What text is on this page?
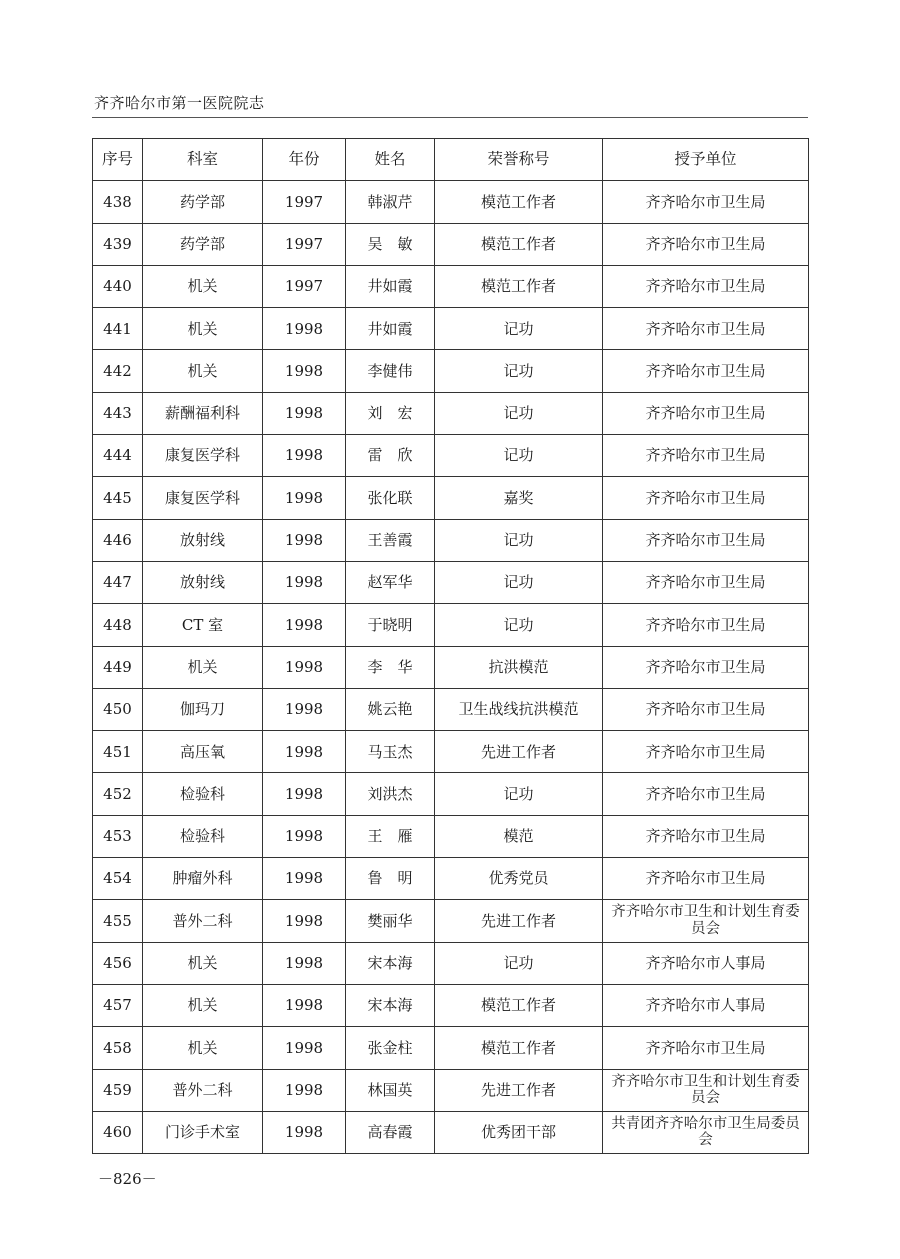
齐齐哈尔市第一医院院志
序号	科室	年份	姓名	荣誉称号	授予单位
438	药学部	1997	韩淑芹	模范工作者	齐齐哈尔市卫生局
439	药学部	1997	吴　敏	模范工作者	齐齐哈尔市卫生局
440	机关	1997	井如霞	模范工作者	齐齐哈尔市卫生局
441	机关	1998	井如霞	记功	齐齐哈尔市卫生局
442	机关	1998	李健伟	记功	齐齐哈尔市卫生局
443	薪酬福利科	1998	刘　宏	记功	齐齐哈尔市卫生局
444	康复医学科	1998	雷　欣	记功	齐齐哈尔市卫生局
445	康复医学科	1998	张化联	嘉奖	齐齐哈尔市卫生局
446	放射线	1998	王善霞	记功	齐齐哈尔市卫生局
447	放射线	1998	赵军华	记功	齐齐哈尔市卫生局
448	CT 室	1998	于晓明	记功	齐齐哈尔市卫生局
449	机关	1998	李　华	抗洪模范	齐齐哈尔市卫生局
450	伽玛刀	1998	姚云艳	卫生战线抗洪模范	齐齐哈尔市卫生局
451	高压氧	1998	马玉杰	先进工作者	齐齐哈尔市卫生局
452	检验科	1998	刘洪杰	记功	齐齐哈尔市卫生局
453	检验科	1998	王　雁	模范	齐齐哈尔市卫生局
454	肿瘤外科	1998	鲁　明	优秀党员	齐齐哈尔市卫生局
455	普外二科	1998	樊丽华	先进工作者	齐齐哈尔市卫生和计划生育委员会
456	机关	1998	宋本海	记功	齐齐哈尔市人事局
457	机关	1998	宋本海	模范工作者	齐齐哈尔市人事局
458	机关	1998	张金柱	模范工作者	齐齐哈尔市卫生局
459	普外二科	1998	林国英	先进工作者	齐齐哈尔市卫生和计划生育委员会
460	门诊手术室	1998	高春霞	优秀团干部	共青团齐齐哈尔市卫生局委员会
－826－
